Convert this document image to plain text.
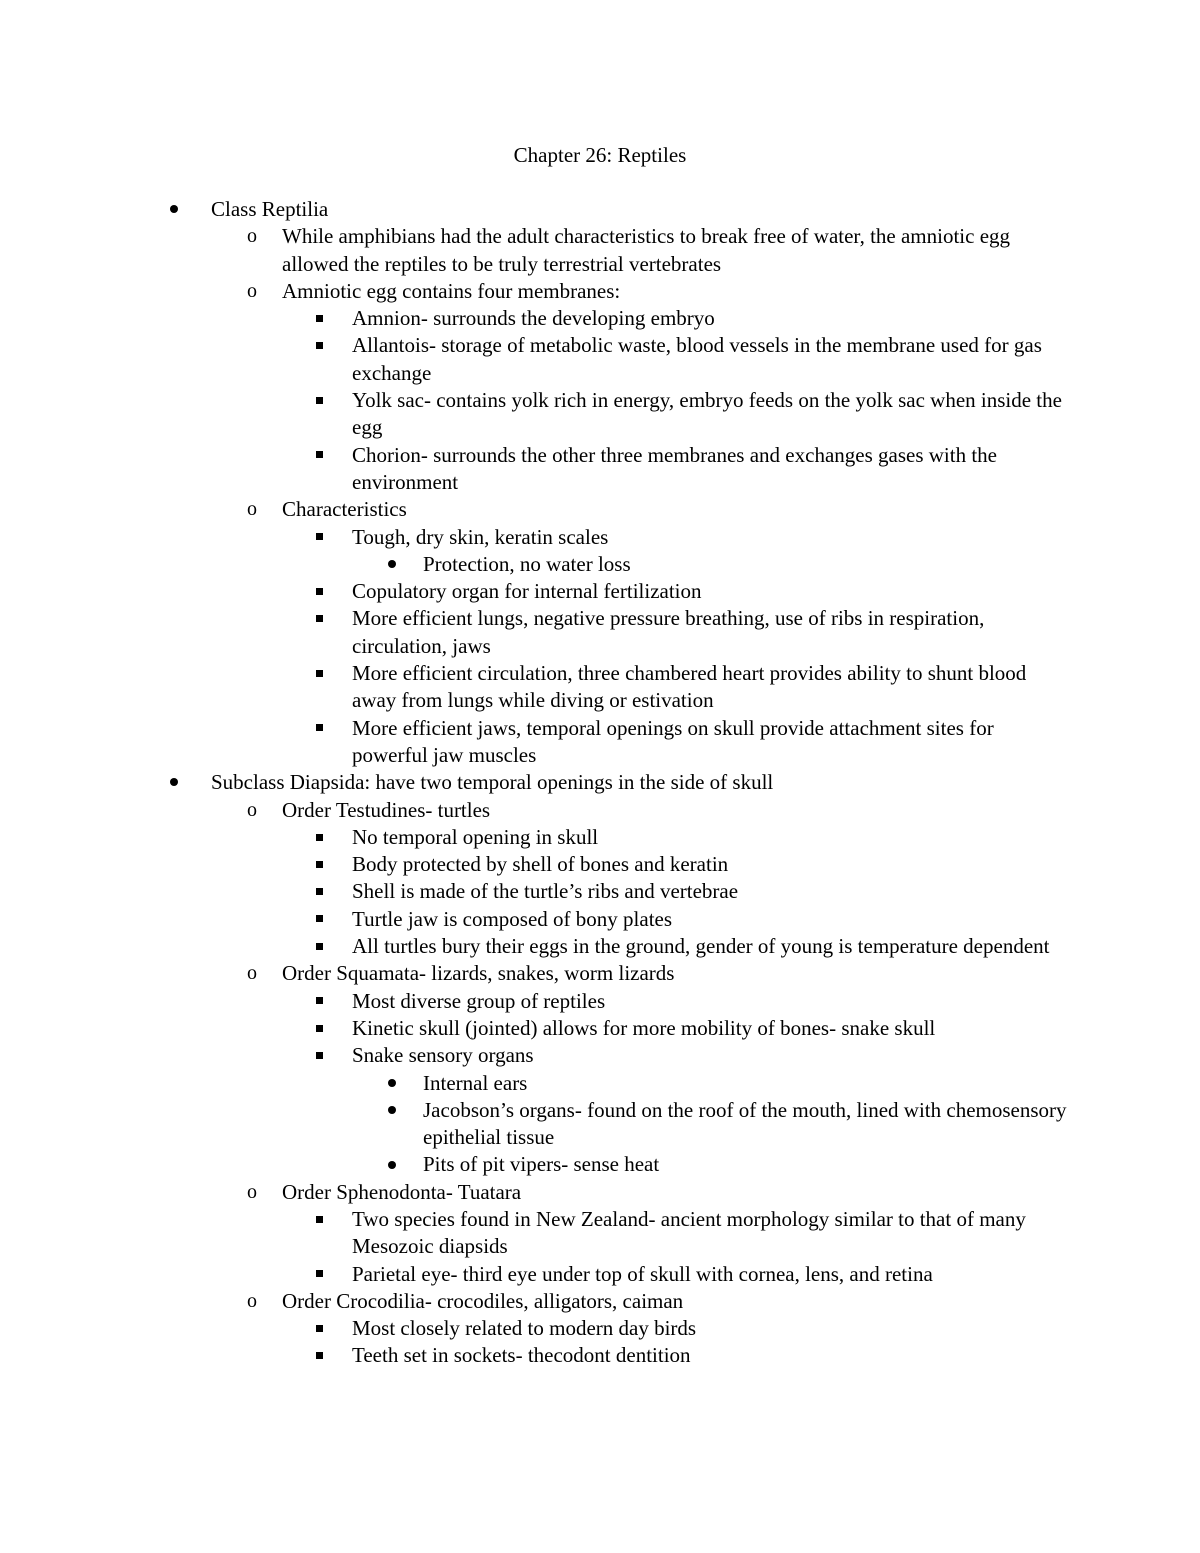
Chapter 26: Reptiles
Class Reptilia
o While amphibians had the adult characteristics to break free of water, the amniotic egg allowed the reptiles to be truly terrestrial vertebrates
o Amniotic egg contains four membranes:
Amnion- surrounds the developing embryo
Allantois- storage of metabolic waste, blood vessels in the membrane used for gas exchange
Yolk sac- contains yolk rich in energy, embryo feeds on the yolk sac when inside the egg
Chorion- surrounds the other three membranes and exchanges gases with the environment
o Characteristics
Tough, dry skin, keratin scales
Protection, no water loss
Copulatory organ for internal fertilization
More efficient lungs, negative pressure breathing, use of ribs in respiration, circulation, jaws
More efficient circulation, three chambered heart provides ability to shunt blood away from lungs while diving or estivation
More efficient jaws, temporal openings on skull provide attachment sites for powerful jaw muscles
Subclass Diapsida: have two temporal openings in the side of skull
o Order Testudines- turtles
No temporal opening in skull
Body protected by shell of bones and keratin
Shell is made of the turtle’s ribs and vertebrae
Turtle jaw is composed of bony plates
All turtles bury their eggs in the ground, gender of young is temperature dependent
o Order Squamata- lizards, snakes, worm lizards
Most diverse group of reptiles
Kinetic skull (jointed) allows for more mobility of bones- snake skull
Snake sensory organs
Internal ears
Jacobson’s organs- found on the roof of the mouth, lined with chemosensory epithelial tissue
Pits of pit vipers- sense heat
o Order Sphenodonta- Tuatara
Two species found in New Zealand- ancient morphology similar to that of many Mesozoic diapsids
Parietal eye- third eye under top of skull with cornea, lens, and retina
o Order Crocodilia- crocodiles, alligators, caiman
Most closely related to modern day birds
Teeth set in sockets- thecodont dentition
